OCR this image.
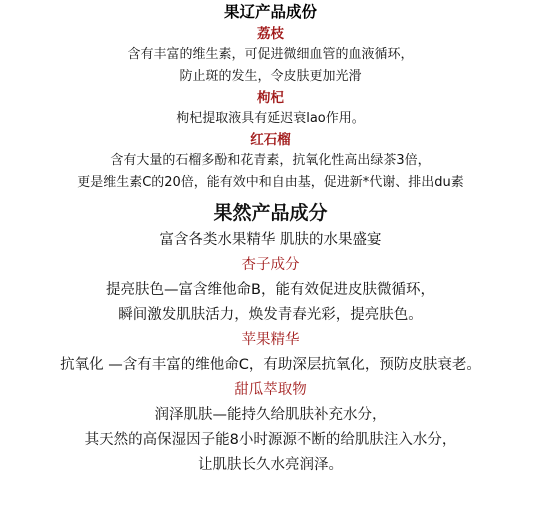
果辽产品成份
荔枝
含有丰富的维生素，可促进微细血管的血液循环，
防止斑的发生，令皮肤更加光滑
枸杞
枸杞提取液具有延迟衰lao作用。
红石榴
含有大量的石榴多酚和花青素，抗氧化性高出绿茶3倍，
更是维生素C的20倍，能有效中和自由基，促进新*代谢、排出du素
果然产品成分
富含各类水果精华 肌肤的水果盛宴
杏子成分
提亮肤色—富含维他命B，能有效促进皮肤微循环，
瞬间激发肌肤活力，焕发青春光彩，提亮肤色。
苹果精华
抗氧化 —含有丰富的维他命C，有助深层抗氧化，预防皮肤衰老。
甜瓜萃取物
润泽肌肤—能持久给肌肤补充水分，
其天然的高保湿因子能8小时源源不断的给肌肤注入水分，
让肌肤长久水亮润泽。
